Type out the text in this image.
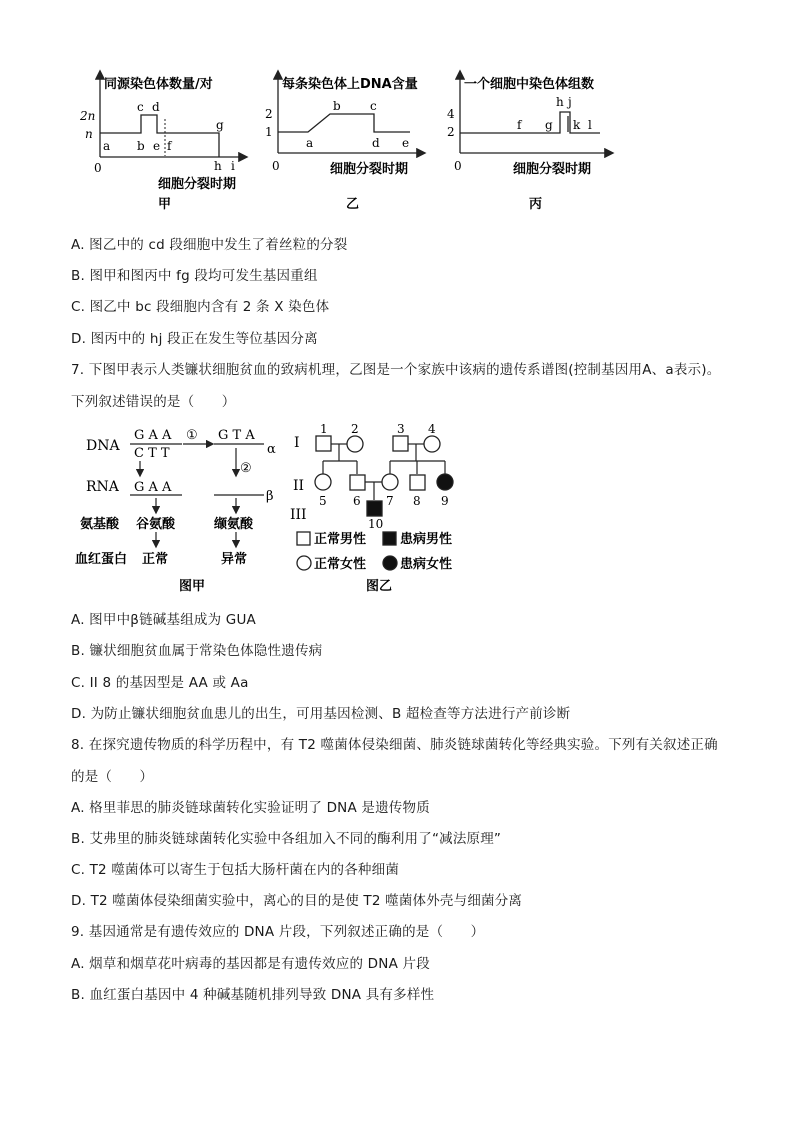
同源染色体数量/对
2n
n
0
a b e f
h i
c d
g
细胞分裂时期
甲
每条染色体上DNA含量
2
1
0
a	d e
b c
细胞分裂时期
乙
一个细胞中染色体组数
4
2
0
f g
h j
k l
细胞分裂时期
丙
A. 图乙中的 cd 段细胞中发生了着丝粒的分裂
B. 图甲和图丙中 fg 段均可发生基因重组
C. 图乙中 bc 段细胞内含有 2 条 X 染色体
D. 图丙中的 hj 段正在发生等位基因分离
7. 下图甲表示人类镰状细胞贫血的致病机理，乙图是一个家族中该病的遗传系谱图(控制基因用A、a表示)。
下列叙述错误的是（　　）
DNA
RNA
氨基酸
血红蛋白
G A A
C T T
G A A
谷氨酸
正常
① G T A
α
②
β
缬氨酸
异常
图甲
I
II
III
1 2	3 4
5 6 7 8 9
10
正常男性	患病男性
正常女性	患病女性
图乙
A. 图甲中β链碱基组成为 GUA
B. 镰状细胞贫血属于常染色体隐性遗传病
C. II 8 的基因型是 AA 或 Aa
D. 为防止镰状细胞贫血患儿的出生，可用基因检测、B 超检查等方法进行产前诊断
8. 在探究遗传物质的科学历程中，有 T2 噬菌体侵染细菌、肺炎链球菌转化等经典实验。下列有关叙述正确
的是（　　）
A. 格里菲思的肺炎链球菌转化实验证明了 DNA 是遗传物质
B. 艾弗里的肺炎链球菌转化实验中各组加入不同的酶利用了“减法原理”
C. T2 噬菌体可以寄生于包括大肠杆菌在内的各种细菌
D. T2 噬菌体侵染细菌实验中，离心的目的是使 T2 噬菌体外壳与细菌分离
9. 基因通常是有遗传效应的 DNA 片段，下列叙述正确的是（　　）
A. 烟草和烟草花叶病毒的基因都是有遗传效应的 DNA 片段
B. 血红蛋白基因中 4 种碱基随机排列导致 DNA 具有多样性
